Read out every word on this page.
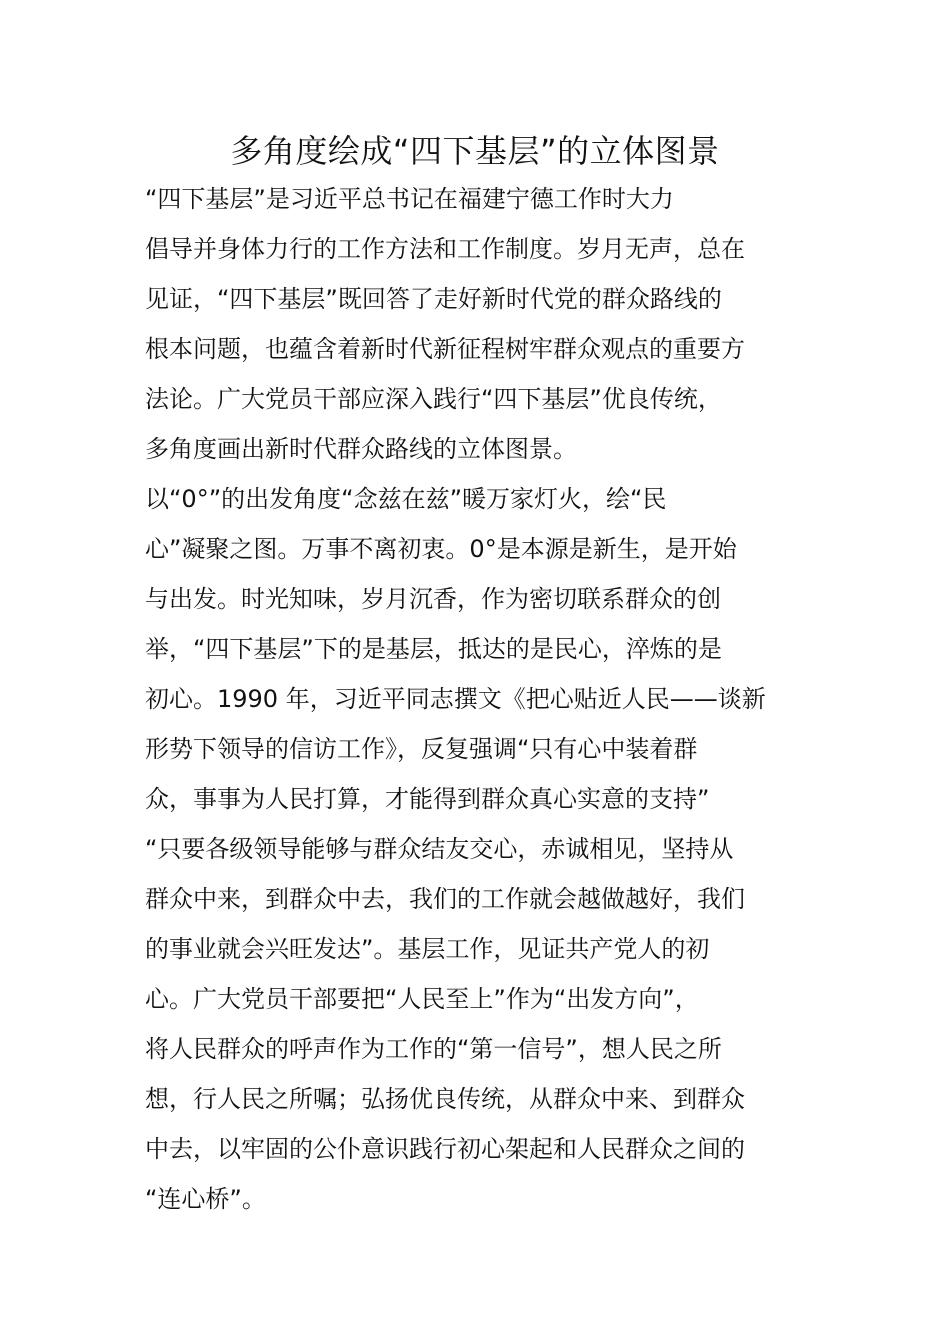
多角度绘成“四下基层”的立体图景

“四下基层”是习近平总书记在福建宁德工作时大力

倡导并身体力行的工作方法和工作制度。岁月无声，总在

见证，“四下基层”既回答了走好新时代党的群众路线的

根本问题，也蕴含着新时代新征程树牢群众观点的重要方

法论。广大党员干部应深入践行“四下基层”优良传统，

多角度画出新时代群众路线的立体图景。

以“0°”的出发角度“念兹在兹”暖万家灯火，绘“民

心”凝聚之图。万事不离初衷。0°是本源是新生，是开始

与出发。时光知味，岁月沉香，作为密切联系群众的创

举，“四下基层”下的是基层，抵达的是民心，淬炼的是

初心。1990 年，习近平同志撰文《把心贴近人民——谈新

形势下领导的信访工作》，反复强调“只有心中装着群

众，事事为人民打算，才能得到群众真心实意的支持”

“只要各级领导能够与群众结友交心，赤诚相见，坚持从

群众中来，到群众中去，我们的工作就会越做越好，我们

的事业就会兴旺发达”。基层工作，见证共产党人的初

心。广大党员干部要把“人民至上”作为“出发方向”，

将人民群众的呼声作为工作的“第一信号”，想人民之所

想，行人民之所嘱；弘扬优良传统，从群众中来、到群众

中去，以牢固的公仆意识践行初心架起和人民群众之间的

“连心桥”。
